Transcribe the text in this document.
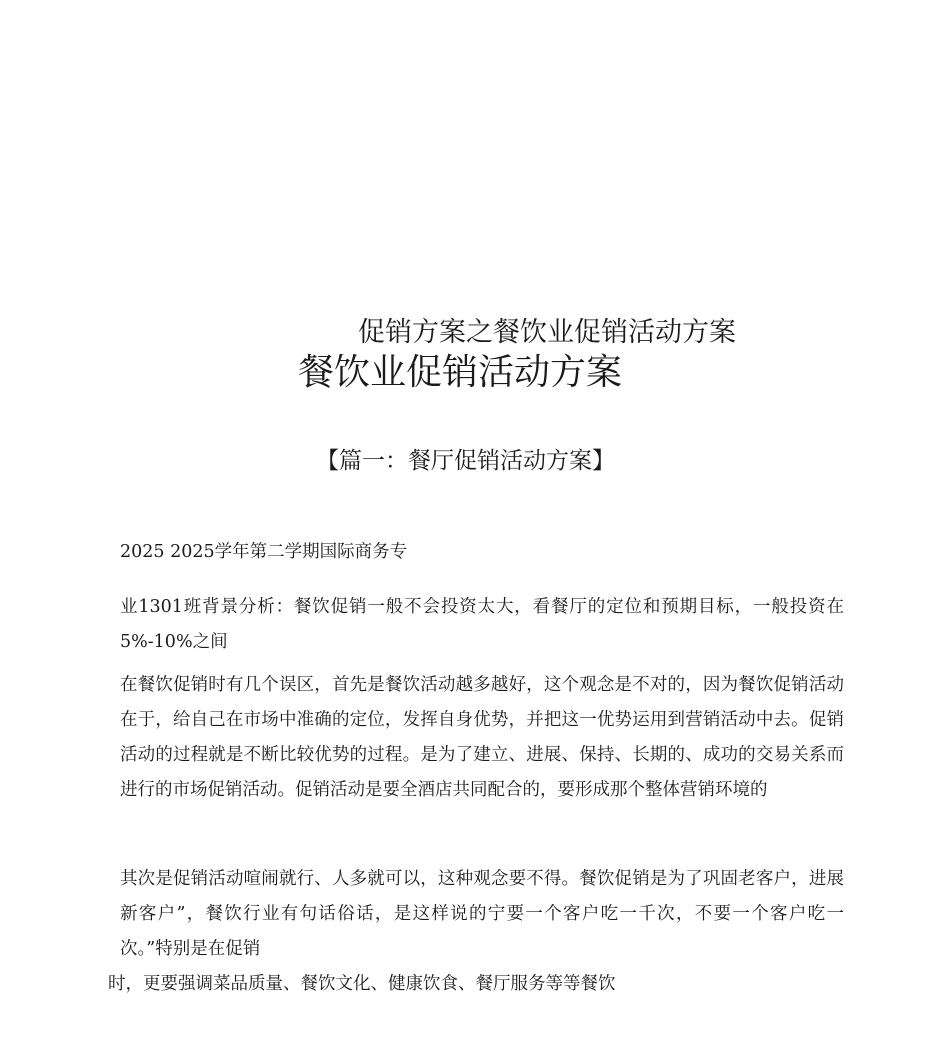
促销方案之餐饮业促销活动方案
餐饮业促销活动方案
【篇一：餐厅促销活动方案】
2025 2025学年第二学期国际商务专
业1301班背景分析：餐饮促销一般不会投资太大，看餐厅的定位和预期目标，一般投资在5%-10%之间
在餐饮促销时有几个误区，首先是餐饮活动越多越好，这个观念是不对的，因为餐饮促销活动在于，给自己在市场中准确的定位，发挥自身优势，并把这一优势运用到营销活动中去。促销活动的过程就是不断比较优势的过程。是为了建立、进展、保持、长期的、成功的交易关系而进行的市场促销活动。促销活动是要全酒店共同配合的，要形成那个整体营销环境的
其次是促销活动喧闹就行、人多就可以，这种观念要不得。餐饮促销是为了巩固老客户，进展新客户”，餐饮行业有句话俗话，是这样说的宁要一个客户吃一千次，不要一个客户吃一次。”特别是在促销
时，更要强调菜品质量、餐饮文化、健康饮食、餐厅服务等等餐饮
